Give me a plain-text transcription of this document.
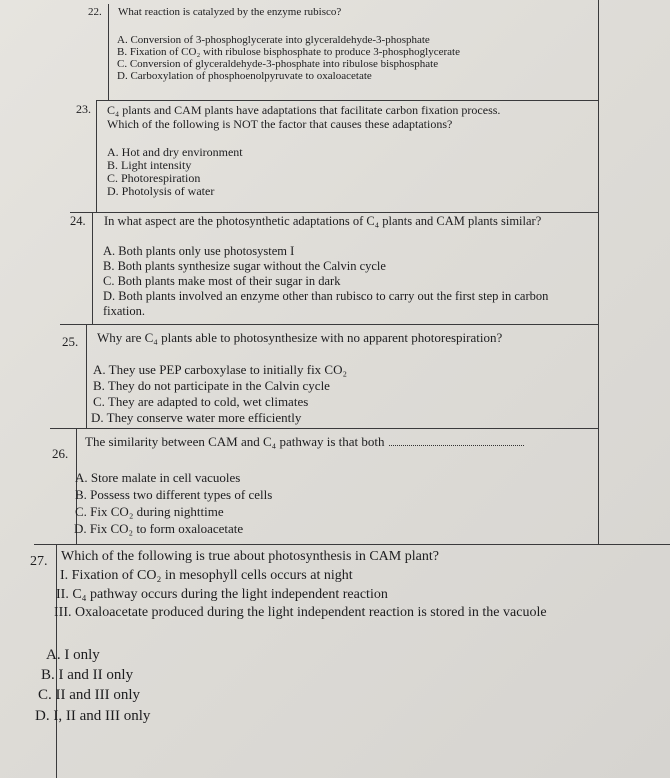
22. What reaction is catalyzed by the enzyme rubisco?
A. Conversion of 3-phosphoglycerate into glyceraldehyde-3-phosphate
B. Fixation of CO₂ with ribulose bisphosphate to produce 3-phosphoglycerate
C. Conversion of glyceraldehyde-3-phosphate into ribulose bisphosphate
D. Carboxylation of phosphoenolpyruvate to oxaloacetate
23. C₄ plants and CAM plants have adaptations that facilitate carbon fixation process.
Which of the following is NOT the factor that causes these adaptations?
A. Hot and dry environment
B. Light intensity
C. Photorespiration
D. Photolysis of water
24. In what aspect are the photosynthetic adaptations of C₄ plants and CAM plants similar?
A. Both plants only use photosystem I
B. Both plants synthesize sugar without the Calvin cycle
C. Both plants make most of their sugar in dark
D. Both plants involved an enzyme other than rubisco to carry out the first step in carbon
fixation.
25. Why are C₄ plants able to photosynthesize with no apparent photorespiration?
A. They use PEP carboxylase to initially fix CO₂
B. They do not participate in the Calvin cycle
C. They are adapted to cold, wet climates
D. They conserve water more efficiently
26.
The similarity between CAM and C₄ pathway is that both
A. Store malate in cell vacuoles
B. Possess two different types of cells
C. Fix CO₂ during nighttime
D. Fix CO₂ to form oxaloacetate
27. Which of the following is true about photosynthesis in CAM plant?
I. Fixation of CO₂ in mesophyll cells occurs at night
II. C₄ pathway occurs during the light independent reaction
III. Oxaloacetate produced during the light independent reaction is stored in the vacuole
A. I only
B. I and II only
C. II and III only
D. I, II and III only
